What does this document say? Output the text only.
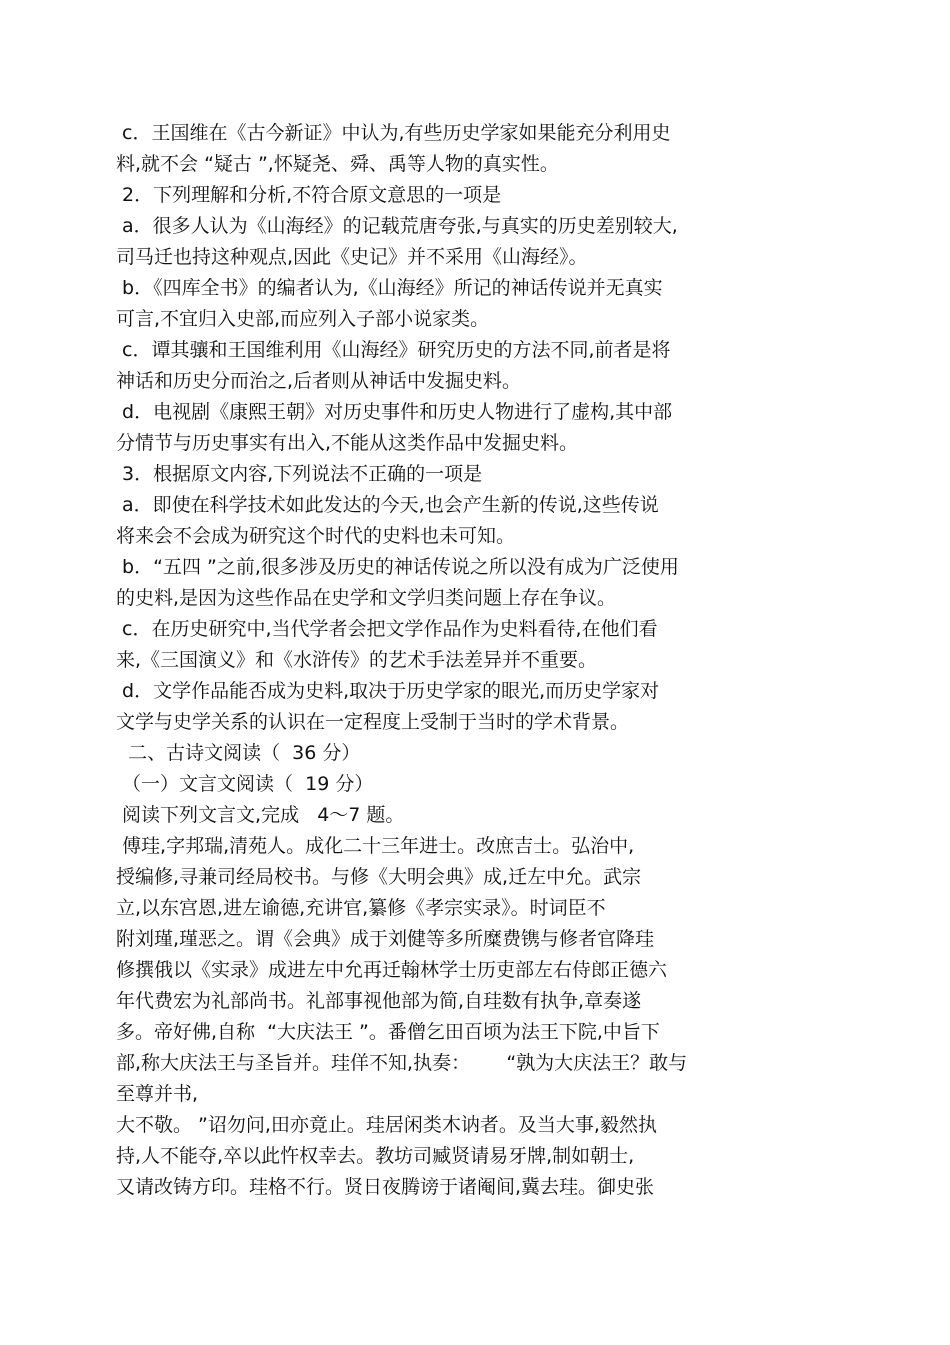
c．王国维在《古今新证》中认为,有些历史学家如果能充分利用史
料,就不会 “疑古 ”,怀疑尧、舜、禹等人物的真实性。
2．下列理解和分析,不符合原文意思的一项是
a．很多人认为《山海经》的记载荒唐夸张,与真实的历史差别较大,
司马迁也持这种观点,因此《史记》并不采用《山海经》。
b．《四库全书》的编者认为,《山海经》所记的神话传说并无真实
可言,不宜归入史部,而应列入子部小说家类。
c．谭其骧和王国维利用《山海经》研究历史的方法不同,前者是将
神话和历史分而治之,后者则从神话中发掘史料。
d．电视剧《康熙王朝》对历史事件和历史人物进行了虚构,其中部
分情节与历史事实有出入,不能从这类作品中发掘史料。
3．根据原文内容,下列说法不正确的一项是
a．即使在科学技术如此发达的今天,也会产生新的传说,这些传说
将来会不会成为研究这个时代的史料也未可知。
b．“五四 ”之前,很多涉及历史的神话传说之所以没有成为广泛使用
的史料,是因为这些作品在史学和文学归类问题上存在争议。
c．在历史研究中,当代学者会把文学作品作为史料看待,在他们看
来,《三国演义》和《水浒传》的艺术手法差异并不重要。
d．文学作品能否成为史料,取决于历史学家的眼光,而历史学家对
文学与史学关系的认识在一定程度上受制于当时的学术背景。
二、古诗文阅读（  36 分）
（一）文言文阅读（  19 分）
阅读下列文言文,完成   4～7 题。
傅珪,字邦瑞,清苑人。成化二十三年进士。改庶吉士。弘治中,
授编修,寻兼司经局校书。与修《大明会典》成,迁左中允。武宗
立,以东宫恩,进左谕德,充讲官,纂修《孝宗实录》。时词臣不
附刘瑾,瑾恶之。谓《会典》成于刘健等多所糜费镌与修者官降珪
修撰俄以《实录》成进左中允再迁翰林学士历吏部左右侍郎正德六
年代费宏为礼部尚书。礼部事视他部为简,自珪数有执争,章奏遂
多。帝好佛,自称  “大庆法王 ”。番僧乞田百顷为法王下院,中旨下
部,称大庆法王与圣旨并。珪佯不知,执奏：      “孰为大庆法王？敢与
至尊并书,
大不敬。 ”诏勿问,田亦竟止。珪居闲类木讷者。及当大事,毅然执
持,人不能夺,卒以此忤权幸去。教坊司臧贤请易牙牌,制如朝士,
又请改铸方印。珪格不行。贤日夜腾谤于诸阉间,冀去珪。御史张
